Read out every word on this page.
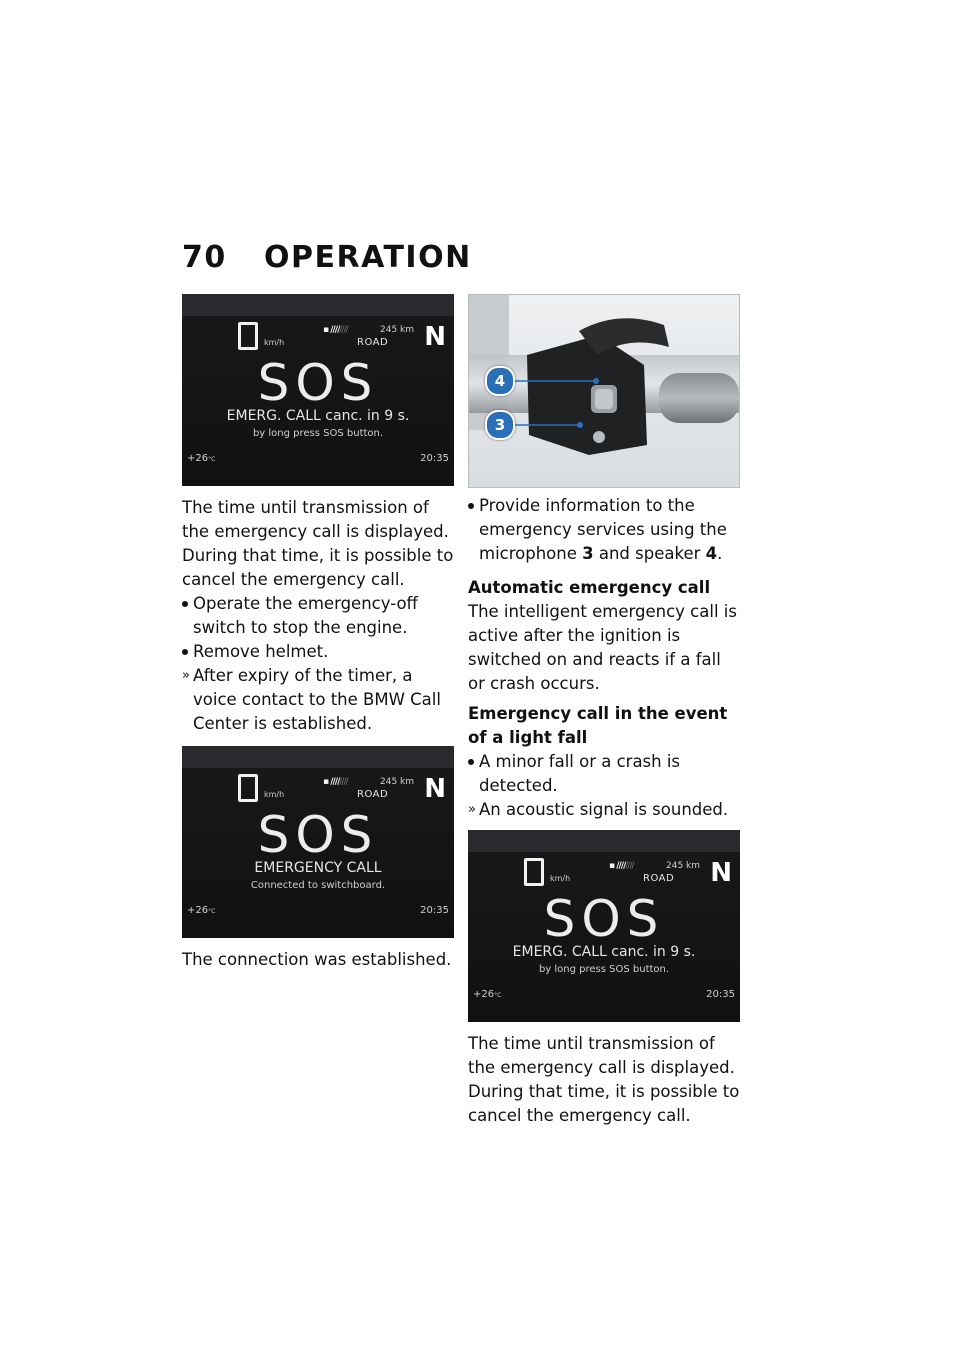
70 OPERATION
km/h
▪ ////////	245 km
ROAD N
SOS
EMERG. CALL canc. in 9 s.
by long press SOS button.
+26°C	20:35

The time until transmission of the emergency call is displayed. During that time, it is possible to cancel the emergency call.

Operate the emergency-off switch to stop the engine.
Remove helmet.
» After expiry of the timer, a voice contact to the BMW Call Center is established.
km/h
▪ ////////	245 km
ROAD N
SOS
EMERGENCY CALL
Connected to switchboard.
+26°C	20:35

The connection was established.

4
3
Provide information to the emergency services using the microphone 3 and speaker 4.
Automatic emergency call

The intelligent emergency call is active after the ignition is switched on and reacts if a fall or crash occurs.

Emergency call in the event of a light fall
A minor fall or a crash is detected.
» An acoustic signal is sounded.
km/h
▪ ////////	245 km
ROAD N
SOS
EMERG. CALL canc. in 9 s.
by long press SOS button.
+26°C	20:35

The time until transmission of the emergency call is displayed. During that time, it is possible to cancel the emergency call.
